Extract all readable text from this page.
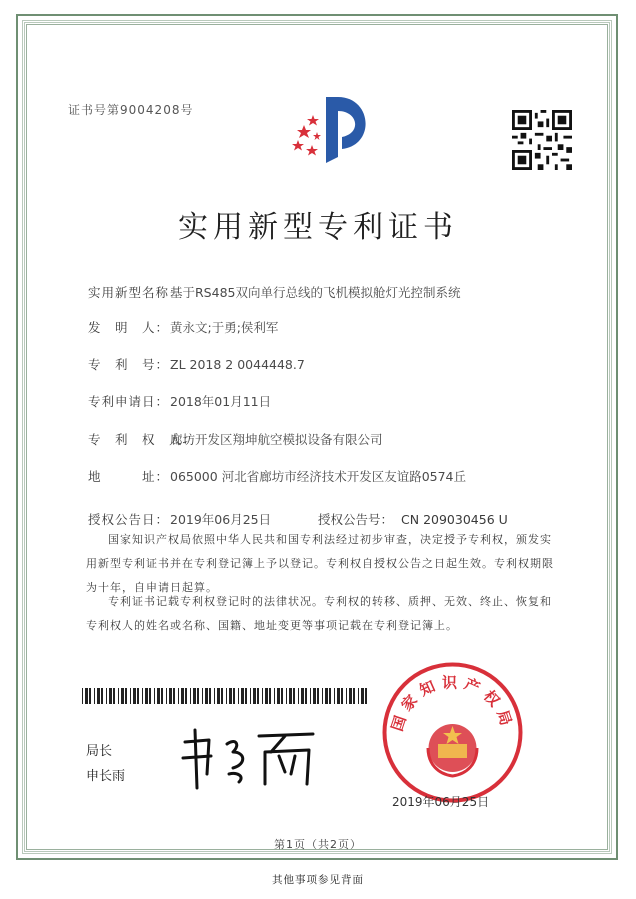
证书号第9004208号
实用新型专利证书
实用新型名称：基于RS485双向单行总线的飞机模拟舱灯光控制系统
发　明　人：黄永文;于勇;侯利军
专　利　号：ZL 2018 2 0044448.7
专利申请日：2018年01月11日
专　利　权　人：廊坊开发区翔坤航空模拟设备有限公司
地　　　址：065000 河北省廊坊市经济技术开发区友谊路0574丘
授权公告日：2019年06月25日	授权公告号： CN 209030456 U
国家知识产权局依照中华人民共和国专利法经过初步审查，决定授予专利权，颁发实用新型专利证书并在专利登记簿上予以登记。专利权自授权公告之日起生效。专利权期限为十年，自申请日起算。
专利证书记载专利权登记时的法律状况。专利权的转移、质押、无效、终止、恢复和专利权人的姓名或名称、国籍、地址变更等事项记载在专利登记簿上。
局长
申长雨
国家知识产权局
2019年06月25日
第1页（共2页）
其他事项参见背面
